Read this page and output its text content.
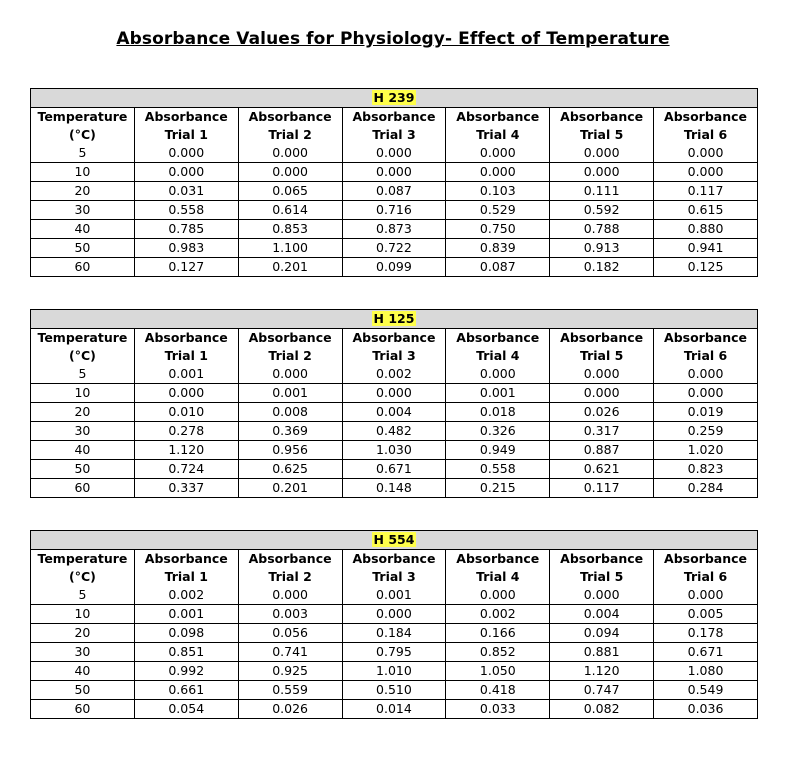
Absorbance Values for Physiology- Effect of Temperature
H 239						
Temperature	Absorbance	Absorbance	Absorbance	Absorbance	Absorbance	Absorbance
(°C)	Trial 1	Trial 2	Trial 3	Trial 4	Trial 5	Trial 6
5	0.000	0.000	0.000	0.000	0.000	0.000
10	0.000	0.000	0.000	0.000	0.000	0.000
20	0.031	0.065	0.087	0.103	0.111	0.117
30	0.558	0.614	0.716	0.529	0.592	0.615
40	0.785	0.853	0.873	0.750	0.788	0.880
50	0.983	1.100	0.722	0.839	0.913	0.941
60	0.127	0.201	0.099	0.087	0.182	0.125
H 125						
Temperature	Absorbance	Absorbance	Absorbance	Absorbance	Absorbance	Absorbance
(°C)	Trial 1	Trial 2	Trial 3	Trial 4	Trial 5	Trial 6
5	0.001	0.000	0.002	0.000	0.000	0.000
10	0.000	0.001	0.000	0.001	0.000	0.000
20	0.010	0.008	0.004	0.018	0.026	0.019
30	0.278	0.369	0.482	0.326	0.317	0.259
40	1.120	0.956	1.030	0.949	0.887	1.020
50	0.724	0.625	0.671	0.558	0.621	0.823
60	0.337	0.201	0.148	0.215	0.117	0.284
H 554						
Temperature	Absorbance	Absorbance	Absorbance	Absorbance	Absorbance	Absorbance
(°C)	Trial 1	Trial 2	Trial 3	Trial 4	Trial 5	Trial 6
5	0.002	0.000	0.001	0.000	0.000	0.000
10	0.001	0.003	0.000	0.002	0.004	0.005
20	0.098	0.056	0.184	0.166	0.094	0.178
30	0.851	0.741	0.795	0.852	0.881	0.671
40	0.992	0.925	1.010	1.050	1.120	1.080
50	0.661	0.559	0.510	0.418	0.747	0.549
60	0.054	0.026	0.014	0.033	0.082	0.036
